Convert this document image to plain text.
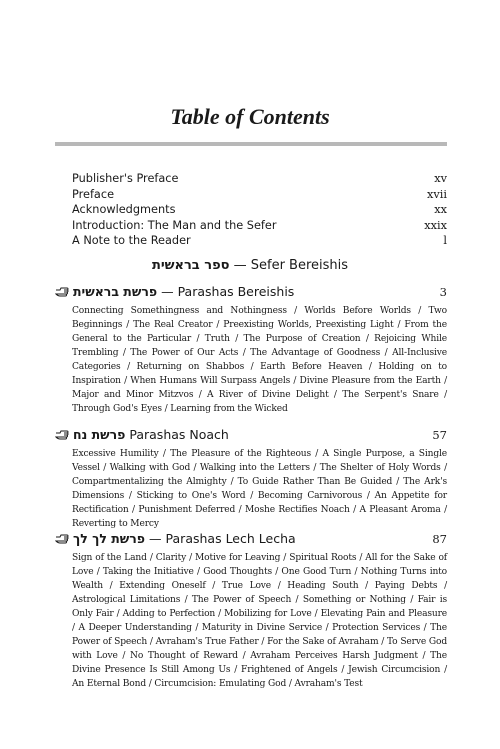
Table of Contents
Publisher's Preface	xv
Preface	xvii
Acknowledgments	xx
Introduction: The Man and the Sefer	xxix
A Note to the Reader	l
ספר בראשית — Sefer Bereishis
פרשת בראשית — Parashas Bereishis	3
Connecting Somethingness and Nothingness / Worlds Before Worlds / Two Beginnings / The Real Creator / Preexisting Worlds, Preexisting Light / From the General to the Particular / Truth / The Purpose of Creation / Rejoicing While Trembling / The Power of Our Acts / The Advantage of Goodness / All-Inclusive Categories / Returning on Shabbos / Earth Before Heaven / Holding on to Inspiration / When Humans Will Surpass Angels / Divine Pleasure from the Earth / Major and Minor Mitzvos / A River of Divine Delight / The Serpent's Snare / Through God's Eyes / Learning from the Wicked
פרשת נח Parashas Noach	57
Excessive Humility / The Pleasure of the Righteous / A Single Purpose, a Single Vessel / Walking with God / Walking into the Letters / The Shelter of Holy Words / Compartmentalizing the Almighty / To Guide Rather Than Be Guided / The Ark's Dimensions / Sticking to One's Word / Becoming Carnivorous / An Appetite for Rectification / Punishment Deferred / Moshe Rectifies Noach / A Pleasant Aroma / Reverting to Mercy
פרשת לך לך — Parashas Lech Lecha	87
Sign of the Land / Clarity / Motive for Leaving / Spiritual Roots / All for the Sake of Love / Taking the Initiative / Good Thoughts / One Good Turn / Nothing Turns into Wealth / Extending Oneself / True Love / Heading South / Paying Debts / Astrological Limitations / The Power of Speech / Something or Nothing / Fair is Only Fair / Adding to Perfection / Mobilizing for Love / Elevating Pain and Pleasure / A Deeper Understanding / Maturity in Divine Service / Protection Services / The Power of Speech / Avraham's True Father / For the Sake of Avraham / To Serve God with Love / No Thought of Reward / Avraham Perceives Harsh Judgment / The Divine Presence Is Still Among Us / Frightened of Angels / Jewish Circumcision / An Eternal Bond / Circumcision: Emulating God / Avraham's Test
